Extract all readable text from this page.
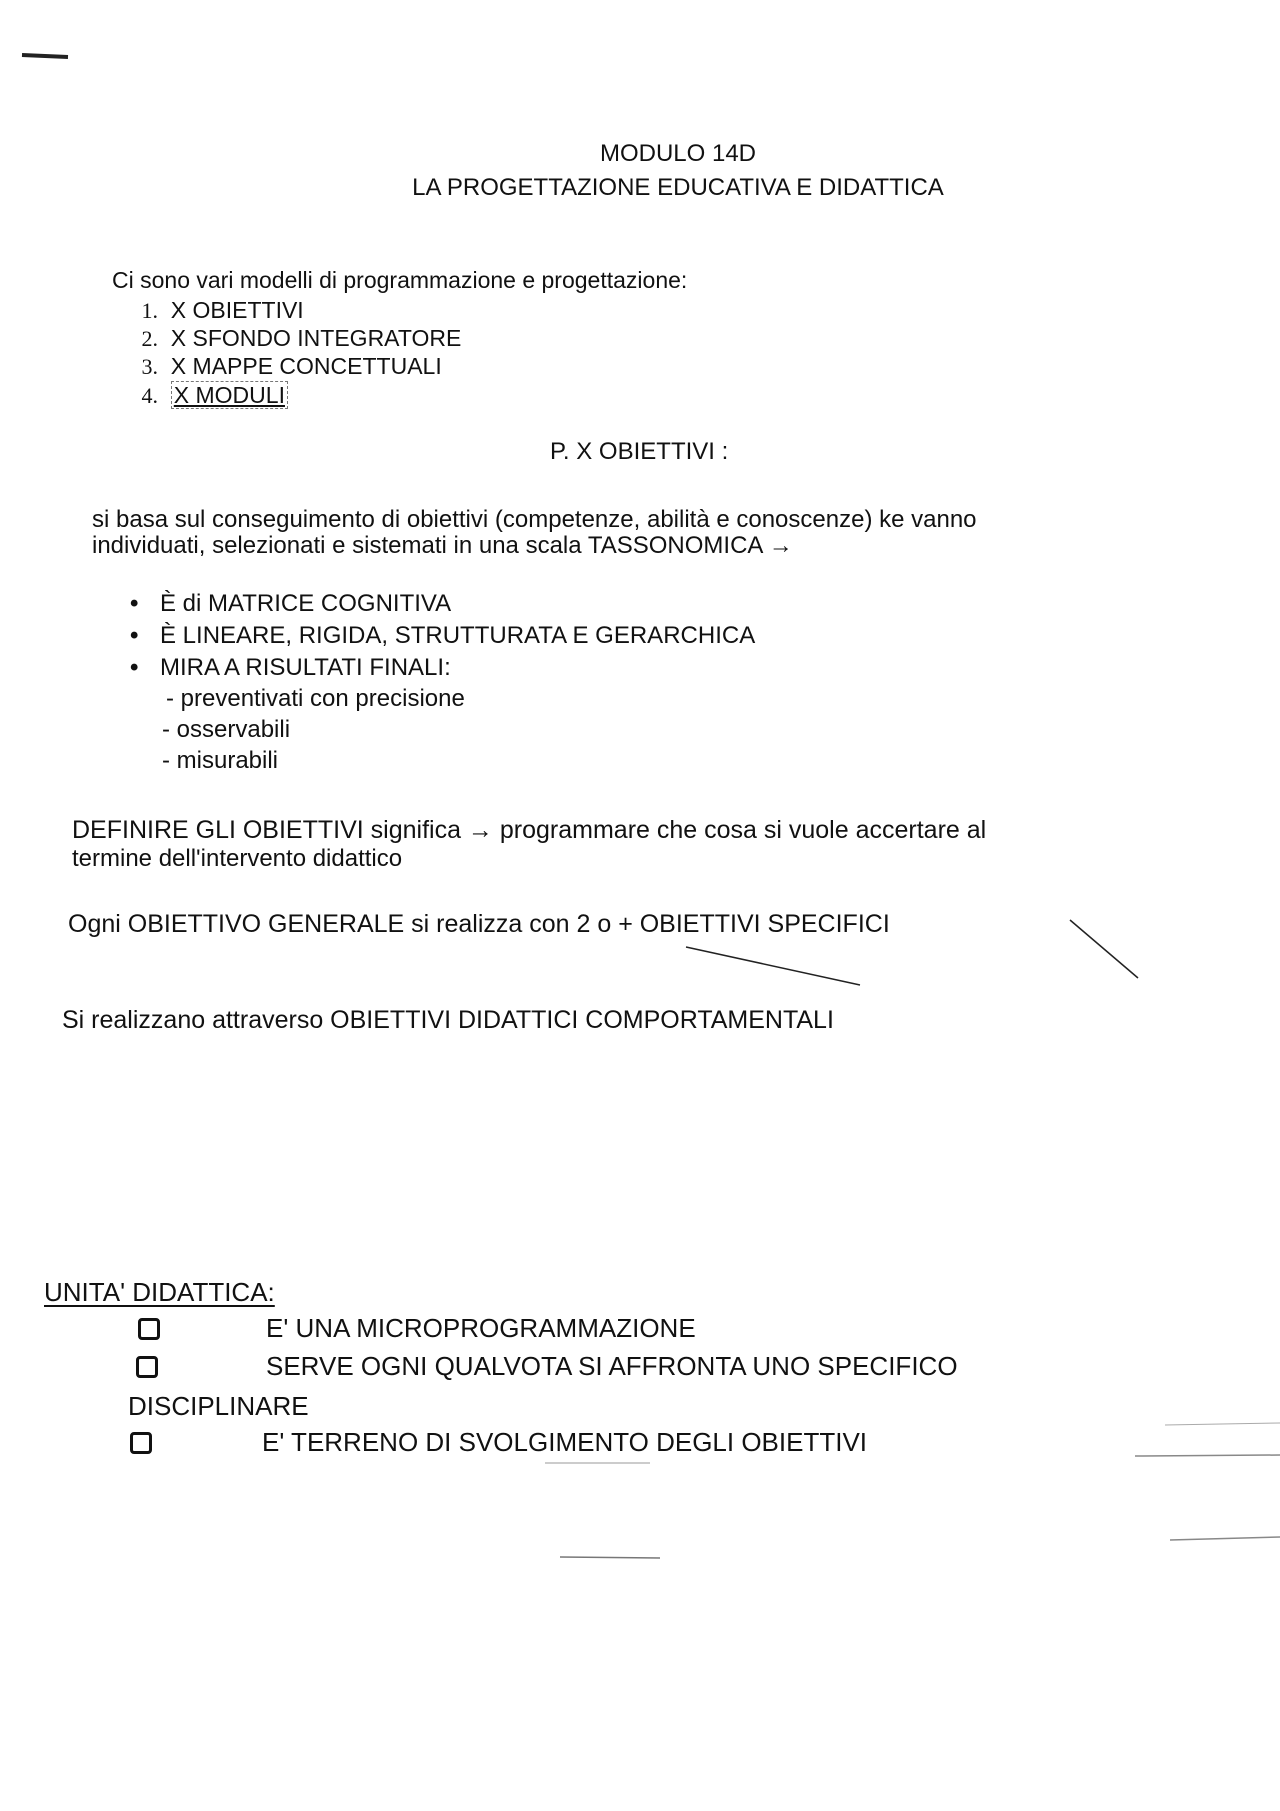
MODULO 14D
LA PROGETTAZIONE EDUCATIVA E DIDATTICA
Ci sono vari modelli di programmazione e progettazione:
1. X OBIETTIVI
2. X SFONDO INTEGRATORE
3. X MAPPE CONCETTUALI
4. X MODULI
P. X OBIETTIVI :
si basa sul conseguimento di obiettivi (competenze, abilità e conoscenze) ke vanno
individuati, selezionati e sistemati in una scala TASSONOMICA →
• È di MATRICE COGNITIVA
• È LINEARE, RIGIDA, STRUTTURATA E GERARCHICA
• MIRA A RISULTATI FINALI:
- preventivati con precisione
- osservabili
- misurabili
DEFINIRE GLI OBIETTIVI significa → programmare che cosa si vuole accertare al
termine dell'intervento didattico
Ogni OBIETTIVO GENERALE si realizza con 2 o + OBIETTIVI SPECIFICI
Si realizzano attraverso OBIETTIVI DIDATTICI COMPORTAMENTALI
UNITA' DIDATTICA:
E' UNA MICROPROGRAMMAZIONE
SERVE OGNI QUALVOTA SI AFFRONTA UNO SPECIFICO
DISCIPLINARE
E' TERRENO DI SVOLGIMENTO DEGLI OBIETTIVI
